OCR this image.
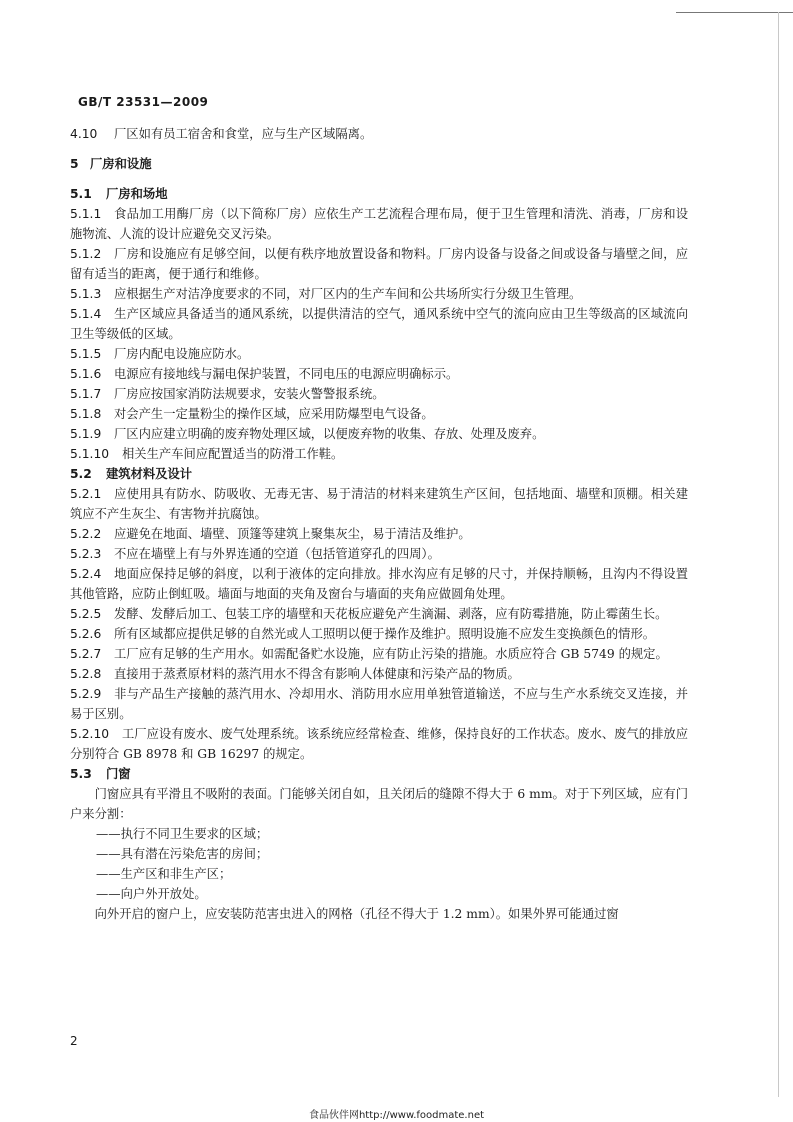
GB/T 23531—2009

4.10 厂区如有员工宿舍和食堂，应与生产区域隔离。

5 厂房和设施

5.1 厂房和场地

5.1.1 食品加工用酶厂房（以下简称厂房）应依生产工艺流程合理布局，便于卫生管理和清洗、消毒，厂房和设施物流、人流的设计应避免交叉污染。

5.1.2 厂房和设施应有足够空间，以便有秩序地放置设备和物料。厂房内设备与设备之间或设备与墙壁之间，应留有适当的距离，便于通行和维修。

5.1.3 应根据生产对洁净度要求的不同，对厂区内的生产车间和公共场所实行分级卫生管理。

5.1.4 生产区域应具备适当的通风系统，以提供清洁的空气，通风系统中空气的流向应由卫生等级高的区域流向卫生等级低的区域。

5.1.5 厂房内配电设施应防水。

5.1.6 电源应有接地线与漏电保护装置，不同电压的电源应明确标示。

5.1.7 厂房应按国家消防法规要求，安装火警警报系统。

5.1.8 对会产生一定量粉尘的操作区域，应采用防爆型电气设备。

5.1.9 厂区内应建立明确的废弃物处理区域，以便废弃物的收集、存放、处理及废弃。

5.1.10 相关生产车间应配置适当的防滑工作鞋。

5.2 建筑材料及设计

5.2.1 应使用具有防水、防吸收、无毒无害、易于清洁的材料来建筑生产区间，包括地面、墙壁和顶棚。相关建筑应不产生灰尘、有害物并抗腐蚀。

5.2.2 应避免在地面、墙壁、顶篷等建筑上聚集灰尘，易于清洁及维护。

5.2.3 不应在墙壁上有与外界连通的空道（包括管道穿孔的四周）。

5.2.4 地面应保持足够的斜度，以利于液体的定向排放。排水沟应有足够的尺寸，并保持顺畅，且沟内不得设置其他管路，应防止倒虹吸。墙面与地面的夹角及窗台与墙面的夹角应做圆角处理。

5.2.5 发酵、发酵后加工、包装工序的墙壁和天花板应避免产生滴漏、剥落，应有防霉措施，防止霉菌生长。

5.2.6 所有区域都应提供足够的自然光或人工照明以便于操作及维护。照明设施不应发生变换颜色的情形。

5.2.7 工厂应有足够的生产用水。如需配备贮水设施，应有防止污染的措施。水质应符合 GB 5749 的规定。

5.2.8 直接用于蒸煮原材料的蒸汽用水不得含有影响人体健康和污染产品的物质。

5.2.9 非与产品生产接触的蒸汽用水、冷却用水、消防用水应用单独管道输送，不应与生产水系统交叉连接，并易于区别。

5.2.10 工厂应设有废水、废气处理系统。该系统应经常检查、维修，保持良好的工作状态。废水、废气的排放应分别符合 GB 8978 和 GB 16297 的规定。

5.3 门窗

门窗应具有平滑且不吸附的表面。门能够关闭自如，且关闭后的缝隙不得大于 6 mm。对于下列区域，应有门户来分割：

——执行不同卫生要求的区域；

——具有潜在污染危害的房间；

——生产区和非生产区；

——向户外开放处。

向外开启的窗户上，应安装防范害虫进入的网格（孔径不得大于 1.2 mm）。如果外界可能通过窗

2
食品伙伴网http://www.foodmate.net
